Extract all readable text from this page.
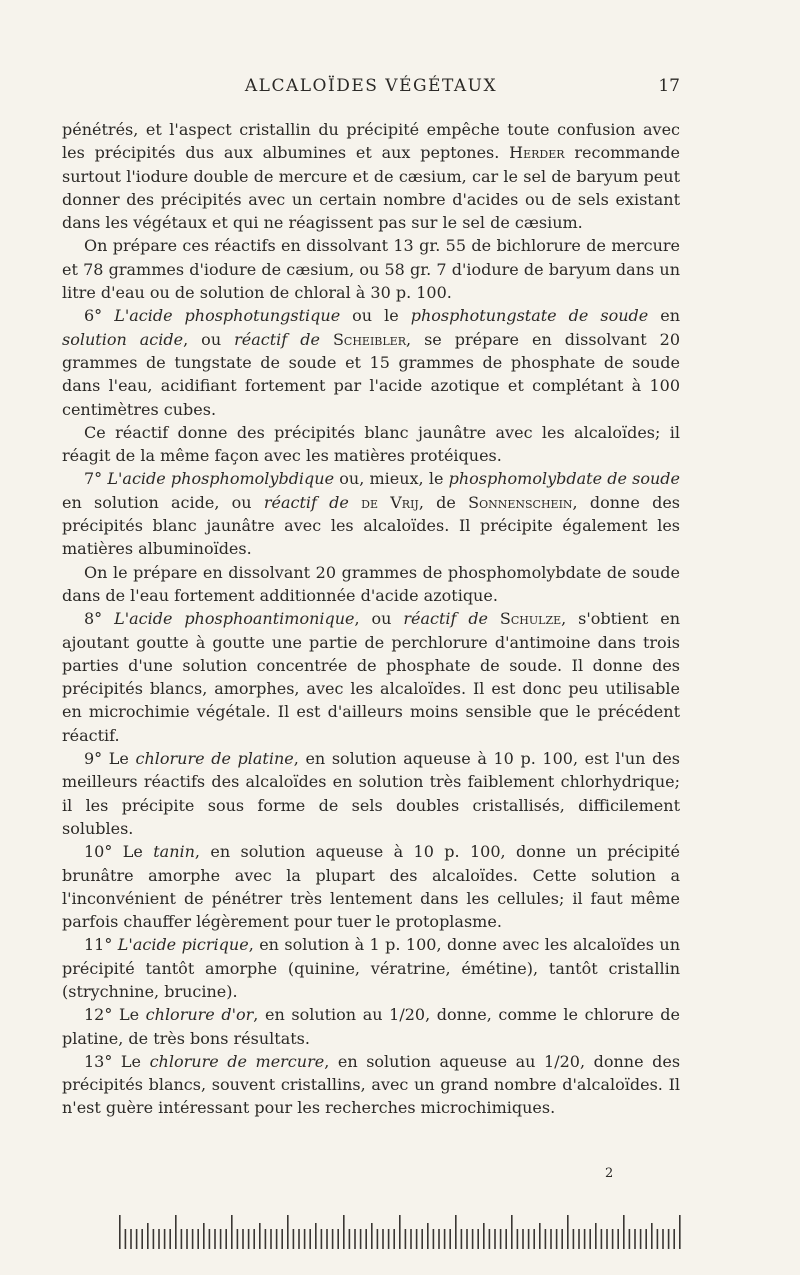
ALCALOÏDES VÉGÉTAUX	17

pénétrés, et l'aspect cristallin du précipité empêche toute confusion avec les précipités dus aux albumines et aux peptones. Herder recommande surtout l'iodure double de mercure et de cæsium, car le sel de baryum peut donner des précipités avec un certain nombre d'acides ou de sels existant dans les végétaux et qui ne réagissent pas sur le sel de cæsium.

On prépare ces réactifs en dissolvant 13 gr. 55 de bichlorure de mercure et 78 grammes d'iodure de cæsium, ou 58 gr. 7 d'iodure de baryum dans un litre d'eau ou de solution de chloral à 30 p. 100.

6° L'acide phosphotungstique ou le phosphotungstate de soude en solution acide, ou réactif de Scheibler, se prépare en dissolvant 20 grammes de tungstate de soude et 15 grammes de phosphate de soude dans l'eau, acidifiant fortement par l'acide azotique et complétant à 100 centimètres cubes.

Ce réactif donne des précipités blanc jaunâtre avec les alcaloïdes; il réagit de la même façon avec les matières protéiques.

7° L'acide phosphomolybdique ou, mieux, le phosphomolybdate de soude en solution acide, ou réactif de de Vrij, de Sonnenschein, donne des précipités blanc jaunâtre avec les alcaloïdes. Il précipite également les matières albuminoïdes.

On le prépare en dissolvant 20 grammes de phosphomolybdate de soude dans de l'eau fortement additionnée d'acide azotique.

8° L'acide phosphoantimonique, ou réactif de Schulze, s'obtient en ajoutant goutte à goutte une partie de perchlorure d'antimoine dans trois parties d'une solution concentrée de phosphate de soude. Il donne des précipités blancs, amorphes, avec les alcaloïdes. Il est donc peu utilisable en microchimie végétale. Il est d'ailleurs moins sensible que le précédent réactif.

9° Le chlorure de platine, en solution aqueuse à 10 p. 100, est l'un des meilleurs réactifs des alcaloïdes en solution très faiblement chlorhydrique; il les précipite sous forme de sels doubles cristallisés, difficilement solubles.

10° Le tanin, en solution aqueuse à 10 p. 100, donne un précipité brunâtre amorphe avec la plupart des alcaloïdes. Cette solution a l'inconvénient de pénétrer très lentement dans les cellules; il faut même parfois chauffer légèrement pour tuer le protoplasme.

11° L'acide picrique, en solution à 1 p. 100, donne avec les alcaloïdes un précipité tantôt amorphe (quinine, vératrine, émétine), tantôt cristallin (strychnine, brucine).

12° Le chlorure d'or, en solution au 1/20, donne, comme le chlorure de platine, de très bons résultats.

13° Le chlorure de mercure, en solution aqueuse au 1/20, donne des précipités blancs, souvent cristallins, avec un grand nombre d'alcaloïdes. Il n'est guère intéressant pour les recherches microchimiques.

2
